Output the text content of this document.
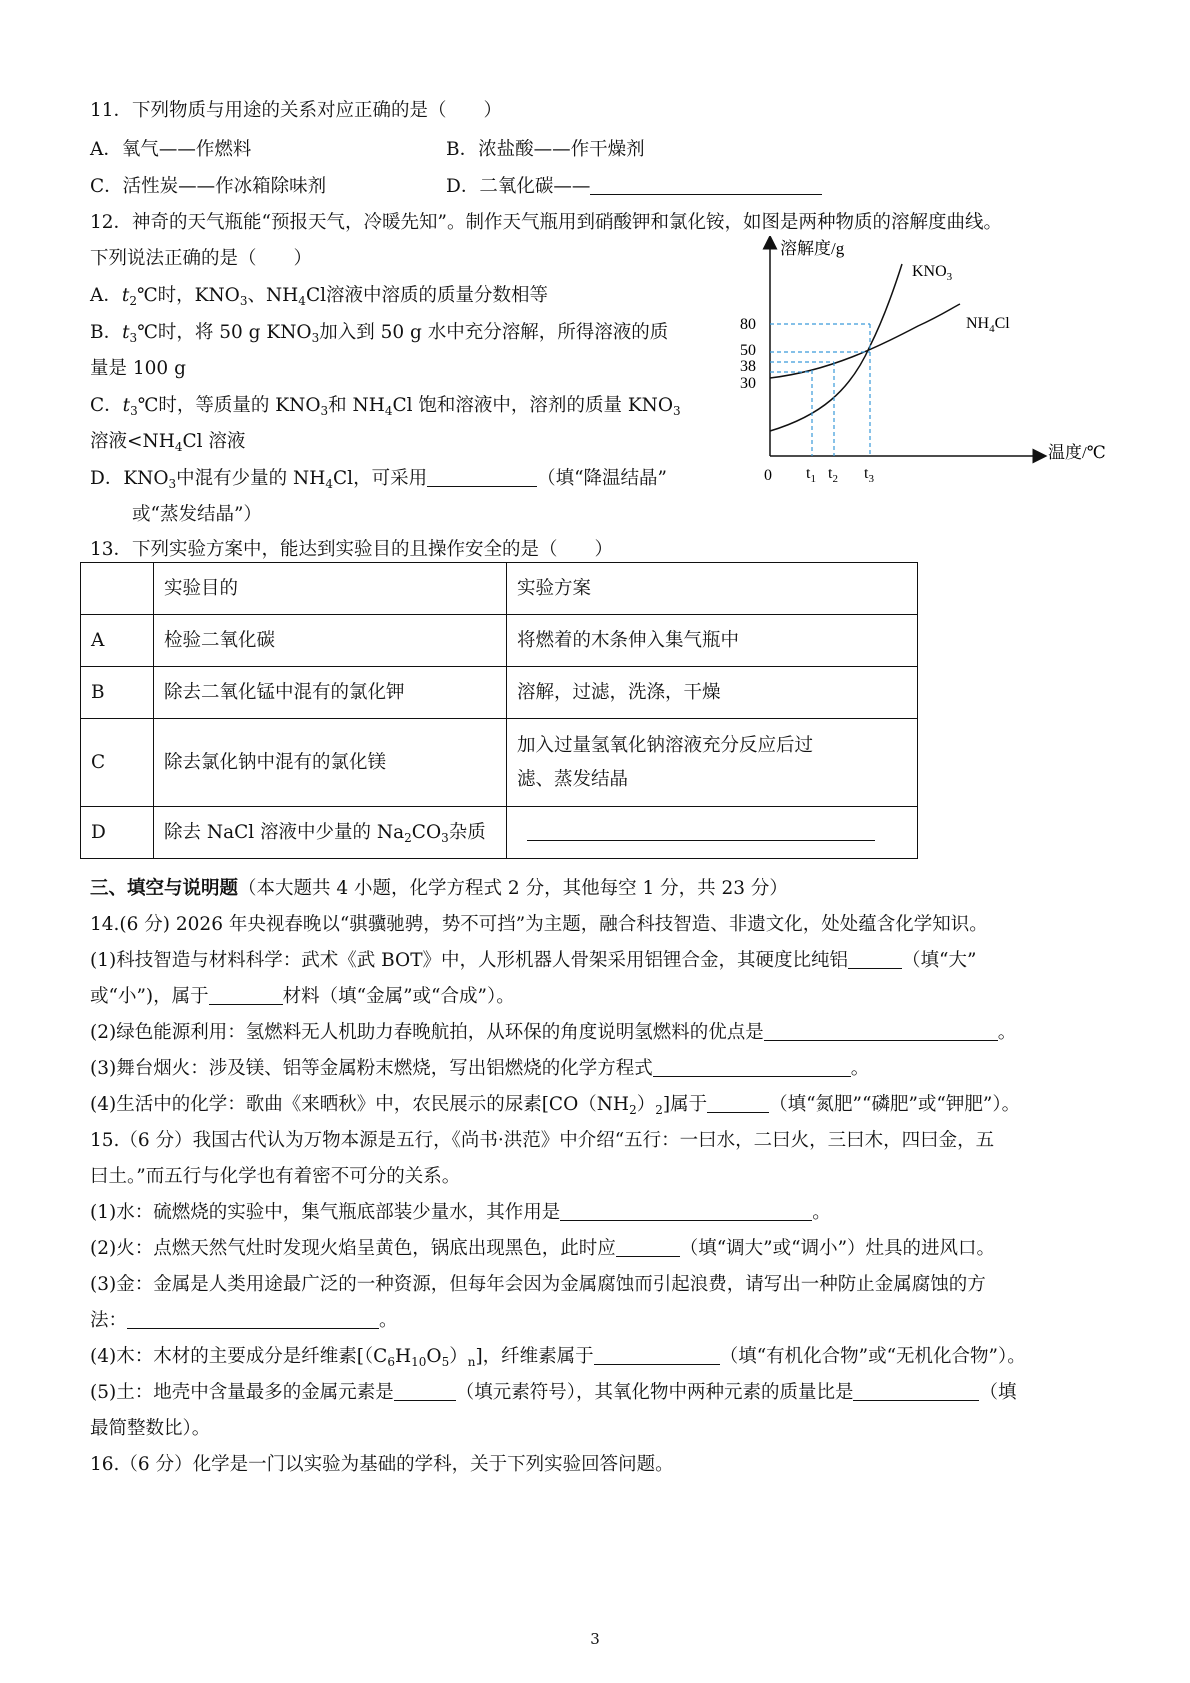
11．下列物质与用途的关系对应正确的是（　　）
A．氧气——作燃料	B．浓盐酸——作干燥剂
C．活性炭——作冰箱除味剂	D．二氧化碳——
12．神奇的天气瓶能“预报天气，冷暖先知”。制作天气瓶用到硝酸钾和氯化铵，如图是两种物质的溶解度曲线。
下列说法正确的是（　　）
A．$t_2℃$时，$KNO_3$、$NH_4Cl$溶液中溶质的质量分数相等
B．$t_3℃$时，将 50 g $KNO_3$加入到 50 g 水中充分溶解，所得溶液的质
量是 100 g
C．$t_3℃$时，等质量的 $KNO_3$和 $NH_4Cl$ 饱和溶液中，溶剂的质量 $KNO_3$
溶液$<NH_4Cl$ 溶液
D．$KNO_3$中混有少量的 $NH_4Cl$，可采用	（填“降温结晶”
或“蒸发结晶”）
溶解度/g
温度/℃
0
80
50
38
30
$t_1$ $t_2$ $t_3$
$KNO_3$
$NH_4Cl$
13．下列实验方案中，能达到实验目的且操作安全的是（　　）
	实验目的	实验方案
A	检验二氧化碳	将燃着的木条伸入集气瓶中
B	除去二氧化锰中混有的氯化钾	溶解，过滤，洗涤，干燥
C	除去氯化钠中混有的氯化镁	加入过量氢氧化钠溶液充分反应后过
滤、蒸发结晶

D	除去 NaCl 溶液中少量的 $Na_2CO_3$杂质	
三、填空与说明题（本大题共 4 小题，化学方程式 2 分，其他每空 1 分，共 23 分）
14.(6 分) 2026 年央视春晚以“骐骥驰骋，势不可挡”为主题，融合科技智造、非遗文化，处处蕴含化学知识。
(1)科技智造与材料科学：武术《武 BOT》中，人形机器人骨架采用铝锂合金，其硬度比纯铝	（填“大”
或“小”)，属于	材料（填“金属”或“合成”）。
(2)绿色能源利用：氢燃料无人机助力春晚航拍，从环保的角度说明氢燃料的优点是	。
(3)舞台烟火：涉及镁、铝等金属粉末燃烧，写出铝燃烧的化学方程式	。
(4)生活中的化学：歌曲《来晒秋》中，农民展示的尿素$[CO(NH_2)_2]$属于	（填“氮肥”“磷肥”或“钾肥”）。
15.（6 分）我国古代认为万物本源是五行，《尚书·洪范》中介绍“五行：一曰水，二曰火，三曰木，四曰金，五
曰土。”而五行与化学也有着密不可分的关系。
(1)水：硫燃烧的实验中，集气瓶底部装少量水，其作用是	。
(2)火：点燃天然气灶时发现火焰呈黄色，锅底出现黑色，此时应	（填“调大”或“调小”）灶具的进风口。
(3)金：金属是人类用途最广泛的一种资源，但每年会因为金属腐蚀而引起浪费，请写出一种防止金属腐蚀的方
法：	。
(4)木：木材的主要成分是纤维素$[(C_6H_{10}O_5)_n]$，纤维素属于	（填“有机化合物”或“无机化合物”）。
(5)土：地壳中含量最多的金属元素是	（填元素符号），其氧化物中两种元素的质量比是	（填
最简整数比）。
16.（6 分）化学是一门以实验为基础的学科，关于下列实验回答问题。
3
